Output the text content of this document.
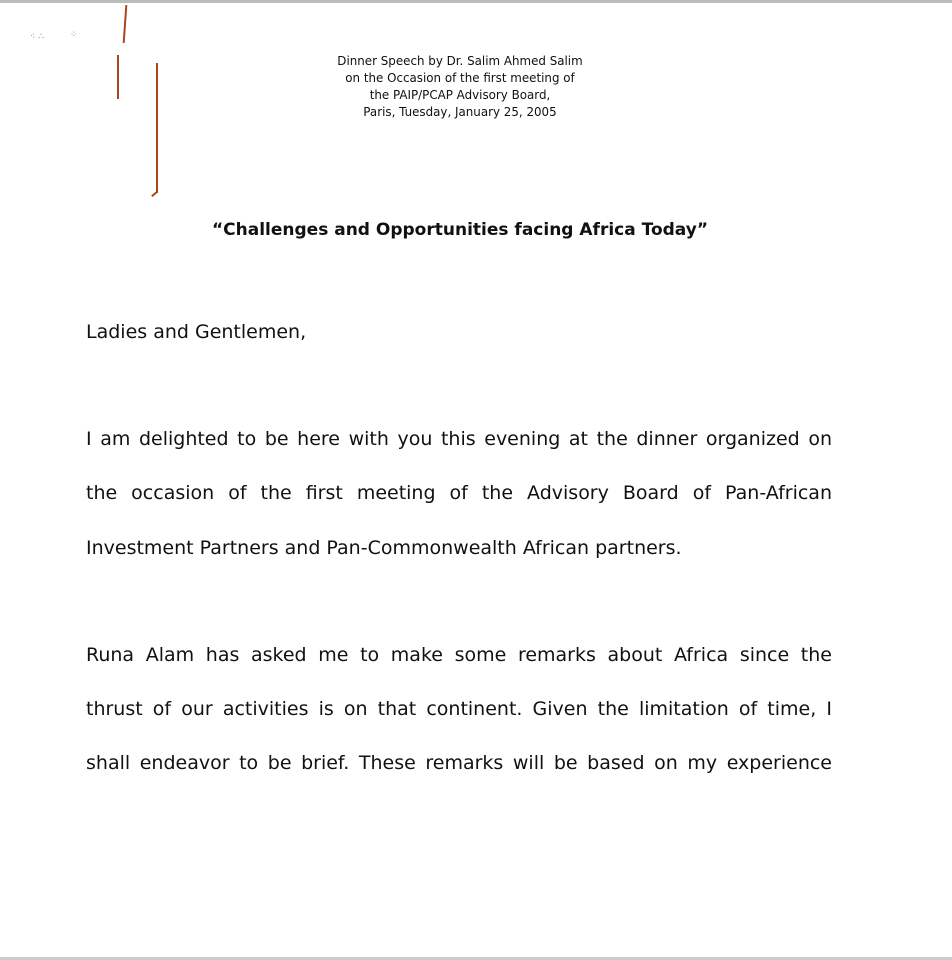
⁖ ∴	⁘
Dinner Speech by Dr. Salim Ahmed Salim
on the Occasion of the first meeting of
the PAIP/PCAP Advisory Board,
Paris, Tuesday, January 25, 2005
“Challenges and Opportunities facing Africa Today”
Ladies and Gentlemen,
I am delighted to be here with you this evening at the dinner organized on
the occasion of the first meeting of the Advisory Board of Pan-African
Investment Partners and Pan-Commonwealth African partners.
Runa Alam has asked me to make some remarks about Africa since the
thrust of our activities is on that continent. Given the limitation of time, I
shall endeavor to be brief. These remarks will be based on my experience
